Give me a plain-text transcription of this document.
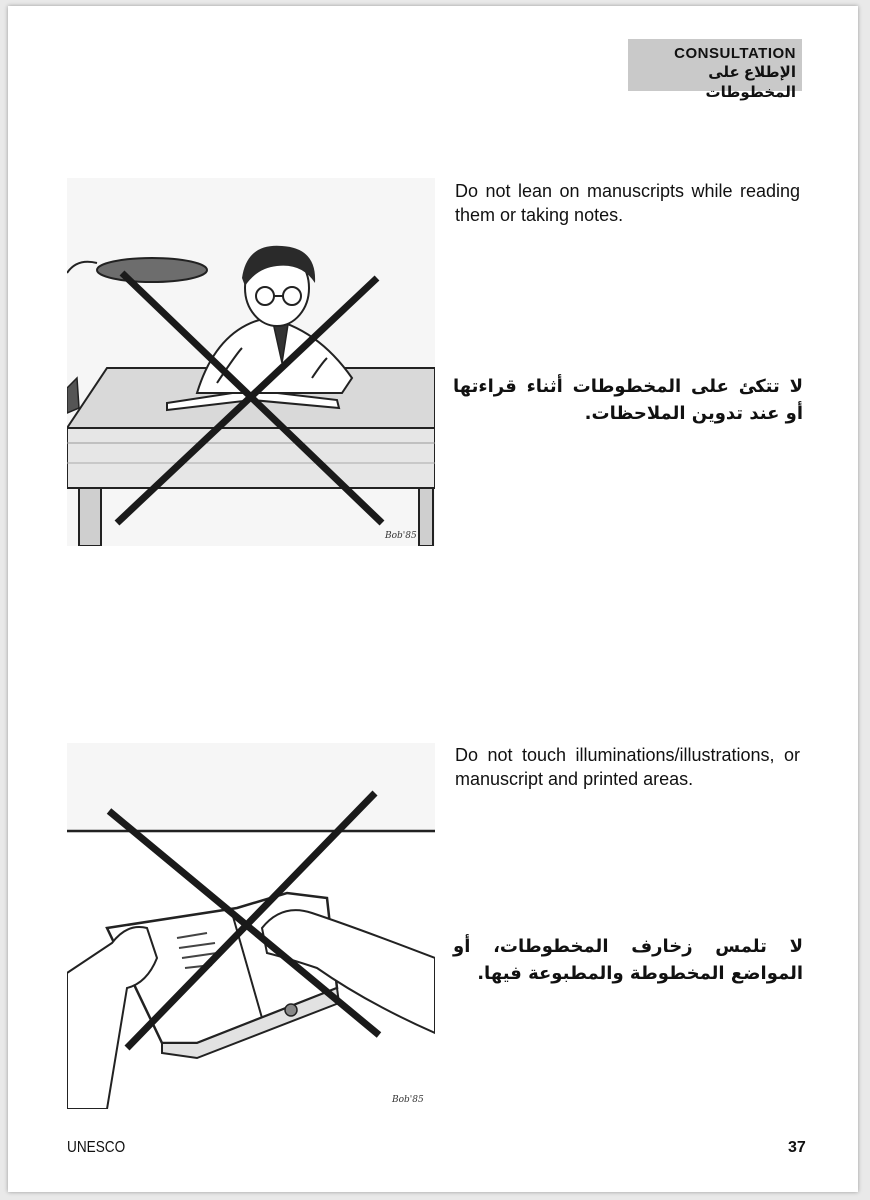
CONSULTATION
الإطلاع على المخطوطات
Bob'85
Do not lean on manuscripts while reading them or taking notes.
لا تتكئ على المخطوطات أثناء قراءتها أو عند تدوين الملاحظات.
Bob'85
Do not touch illuminations/illustrations, or manuscript and printed areas.
لا تلمس زخارف المخطوطات، أو المواضع المخطوطة والمطبوعة فيها.
UNESCO	37
